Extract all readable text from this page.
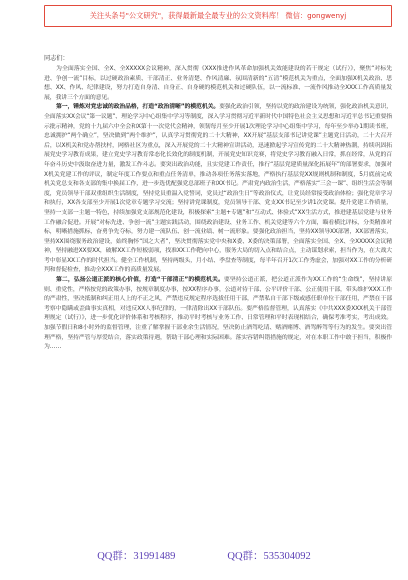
关注头条号"公文研究"，获得最新最全最专业的公文资料库！ 微信：gongwenyj

同志们：

为全面落实全国、全X、全XXXXX会议精神，深入贯彻《XXX推进作风革命加强机关效能建设的若干规定（试行）》，聚焦“对标先进、争创一流”目标，以过硬政治素质、干部清正、业务清楚、作风清廉、氛围清新的“五清”模范机关为重点，全面加强X机关政治、思想、XX、作风、纪律建设，努力打造自身清、自身正、自身硬的模范机关和过硬队伍，以一流标准、一流作风推动全XXX工作高质量发展，我讲三个方面的意见。

第一，锤炼对党忠诚的政治品格，打造“政治清晰”的模范机关。要强化政治引领，坚持以党的政治建设为统领，强化政治机关意识，全面落实XX会议“第一议题”、理论学习中心组集中学习等制度，深入学习贯彻习近平新时代中国特色社会主义思想和习近平总书记重要指示批示精神，党的十九届六中全会和X第十一次党代会精神，领韧每月至少开展1次理论学习中心组集中学习，每年至少举办1期读书班，忠诚拥护“两个确立”，坚决做到“两个维护”，认真学习贯彻党的二十大精神，XX开展“基层支部书记讲党课”主题党日活动，二十大召开后，以X机关和党办帮扶村，网格社区为重点，深入开展党的二十大精神宣讲活动，迅速掀起学习宣传党的二十大精神热潮，持续巩固拓展党史学习教育成果，建立党史学习教育常态化长效化的制度机制，开展党史知识竞赛，将党史学习教育融入日常，抓在经常，从党的百年奋斗历史中汲取奋进力量，激发工作斗志。要突出政治功能，且实党建工作责任，推行“基层党建质量深化拓展年”的部署要求，加强对X机关党建工作的评议，制定年度工作要点和重点任务清单，推动各项任务落实落地，严格执行基层党XX规则机制和制度，5月底前完成机关党总支和各支部的集中换届工作，进一步选优配强党总部班子和XX书记。严肃党内政治生活，严格落实“三会一课”、组织生活会等制度，党员领导干部双重组织生活制度，坚持党员重温入党誓词，党员过“政治生日”等政治仪式，让党员经常接受政治体检；强化党章学习和执行，XX各支部至少开展1次党章专题学习交流；坚持讲党课制度，党员领导干部、党支XX书记至少讲1次党课。提升党建工作质量，坚持一支部一主题一特色，持续加强党支部规范化建设，积极探索“主题+专题”和“互动式、体验式”XX生活方式，推进建基层党建与业务工作融合促进。开展“对标先进、争创一流”主题实践活动，围绕政治建设、业务工作、机关党建等六个方面，瞄看横比评标，分类精准对标，明晰措施抓标，奋勇争先夺标，努力建一流队伍、创一流业绩、树一流形象。要强化政治担当，坚持XX领导XX部署，XX部署落实，坚持XX围绕服务政治建设，始终胸怀“国之大者”，坚决贯彻落实党中央和X委、X委的决策部署，全面落实全国、全X、全XXXXX会议精神，坚持融进XX要XX，破解XX工作短板弱项，找准XX工作靶向中心，服务大局的切入点和结合点，主动谋划求索，担当作为，在大战大考中彰显XX工作的时代担当。健全工作机制，坚持两级头，月小结、季盘查等制度，每半年召开1次工作秀虚会，加强对XX工作的分析研判和督促检查，推动全XXX工作的高质量发展。

第二，弘扬公道正派的核心价值，打造“干部清正”的模范机关。要坚持公道正派，把公道正派作为XX工作的“生命线”，坚持讲原则、重党性，严格按党的政策办事，按规章制度办事，按XX程序办事，公道对待干部、公平评价干部、公正使用干部，带头维护XXX工作的严肃性，坚决抵制和纠正用人上的不正之风，严禁违反规定程序选拔任用干部，严禁私自干部下级或感任职单位干部任用，严禁在干部考察中隐瞒或歪曲事实真相，对违反XX人事纪律的，一律清除出XX干部队伍。要严格监督管理，认真落实《中共XXX委XXX机关干部管理规定（试行）》，进一步优化评价体系和考核程序，推动平时考核与业务工作、日常管理和平时表现相结合，确保考准考实，考出成效。加强节假日和8小时外的监督管理，注重了解掌握干部业余生活情况，坚决防止酒驾吃请、赌酒赌博、酒驾醉驾等行为的发生。要突出管理严格，坚持严管与厚爱结合，落实政策待遇，帮助干部心理和实际困难。落实容错纠错措施的规定，对在本职工作中敢于担当，积极作为……

QQ群：31991489	QQ群：535304092
